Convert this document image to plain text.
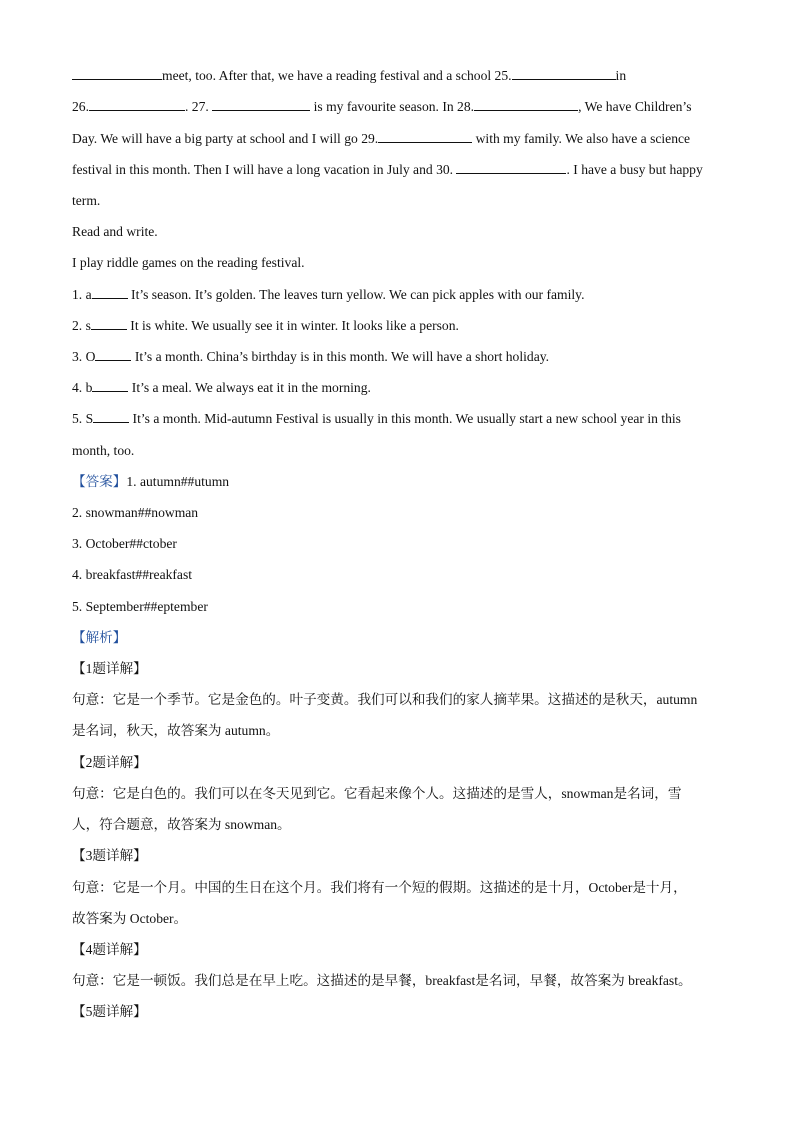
meet, too. After that, we have a reading festival and a school 25.	in
26.	. 27.	is my favourite season. In 28.	, We have Children’s
Day. We will have a big party at school and I will go 29.	with my family. We also have a science
festival in this month. Then I will have a long vacation in July and 30.	. I have a busy but happy
term.
Read and write.
I play riddle games on the reading festival.
1. a	It’s season. It’s golden. The leaves turn yellow. We can pick apples with our family.
2. s	It is white. We usually see it in winter. It looks like a person.
3. O	It’s a month. China’s birthday is in this month. We will have a short holiday.
4. b	It’s a meal. We always eat it in the morning.
5. S	It’s a month. Mid-autumn Festival is usually in this month. We usually start a new school year in this
month, too.
【答案】1. autumn##utumn
2. snowman##nowman
3. October##ctober
4. breakfast##reakfast
5. September##eptember
【解析】
【1题详解】
句意：它是一个季节。它是金色的。叶子变黄。我们可以和我们的家人摘苹果。这描述的是秋天，autumn
是名词，秋天，故答案为 autumn。
【2题详解】
句意：它是白色的。我们可以在冬天见到它。它看起来像个人。这描述的是雪人，snowman是名词，雪
人，符合题意，故答案为 snowman。
【3题详解】
句意：它是一个月。中国的生日在这个月。我们将有一个短的假期。这描述的是十月，October是十月，
故答案为 October。
【4题详解】
句意：它是一顿饭。我们总是在早上吃。这描述的是早餐，breakfast是名词，早餐，故答案为 breakfast。
【5题详解】
